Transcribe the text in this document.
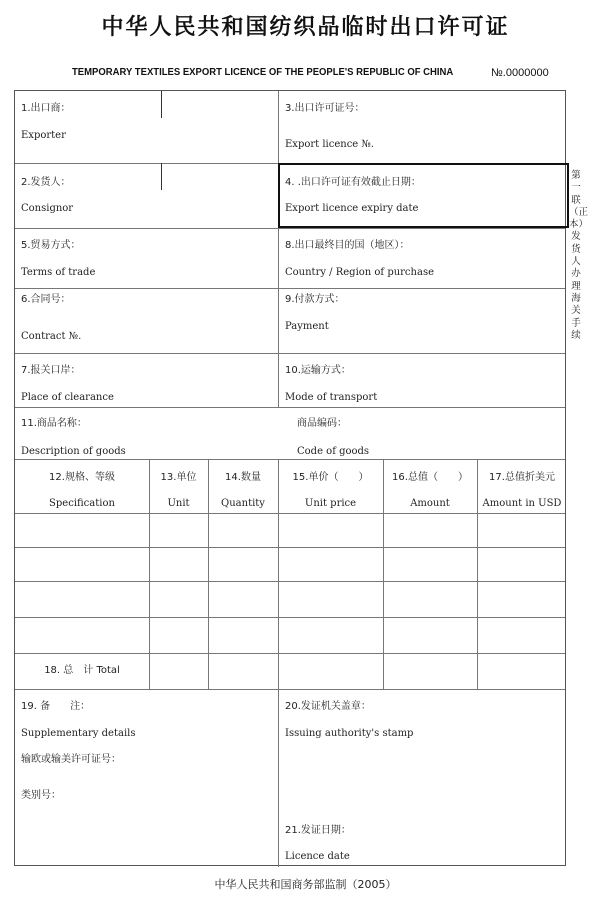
中华人民共和国纺织品临时出口许可证
TEMPORARY TEXTILES EXPORT LICENCE OF THE PEOPLE'S REPUBLIC OF CHINA	№.0000000
1.出口商：
Exporter
3.出口许可证号：
Export licence №.
2.发货人：
Consignor
4. .出口许可证有效截止日期：
Export licence expiry date
5.贸易方式：
Terms of trade
8.出口最终目的国（地区）：
Country / Region of purchase
6.合同号：
Contract №.
9.付款方式：
Payment
7.报关口岸：
Place of clearance
10.运输方式：
Mode of transport
11.商品名称：
Description of goods
商品编码：
Code of goods
12.规格、等级
Specification
13.单位
Unit
14.数量
Quantity
15.单价（　　）
Unit price
16.总值（　　）
Amount
17.总值折美元
Amount in USD
18. 总　计 Total
19. 备　　注：
Supplementary details
输欧或输美许可证号：
类别号：
20.发证机关盖章：
Issuing authority's stamp
21.发证日期：
Licence date
第一联（正本）发货人办理海关手续
中华人民共和国商务部监制（2005）
